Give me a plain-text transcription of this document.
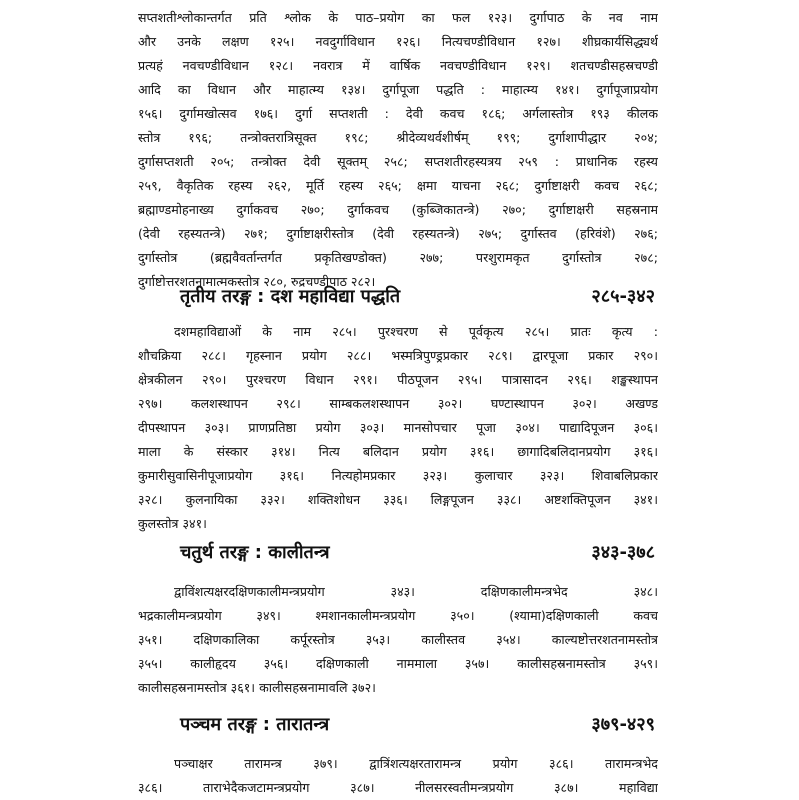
सप्तशतीश्लोकान्तर्गत प्रति श्लोक के पाठ–प्रयोग का फल १२३। दुर्गापाठ के नव नाम
और उनके लक्षण १२५। नवदुर्गाविधान १२६। नित्यचण्डीविधान १२७। शीघ्रकार्यसिद्ध्यर्थ
प्रत्यहं नवचण्डीविधान १२८। नवरात्र में वार्षिक नवचण्डीविधान १२९। शतचण्डीसहस्रचण्डी
आदि का विधान और माहात्म्य १३४। दुर्गापूजा पद्धति : माहात्म्य १४१। दुर्गापूजाप्रयोग
१५६। दुर्गामखोत्सव १७६। दुर्गा सप्तशती : देवी कवच १८६; अर्गलास्तोत्र १९३ कीलक
स्तोत्र १९६; तन्त्रोक्तरात्रिसूक्त १९८; श्रीदेव्यथर्वशीर्षम् १९९; दुर्गाशापीद्धार २०४;
दुर्गासप्तशती २०५; तन्त्रोक्त देवी सूक्तम् २५८; सप्तशतीरहस्यत्रय २५९ : प्राधानिक रहस्य
२५९, वैकृतिक रहस्य २६२, मूर्ति रहस्य २६५; क्षमा याचना २६८; दुर्गाष्टाक्षरी कवच २६८;
ब्रह्माण्डमोहनाख्य दुर्गाकवच २७०; दुर्गाकवच (कुब्जिकातन्त्रे) २७०; दुर्गाष्टाक्षरी सहस्रनाम
(देवी रहस्यतन्त्रे) २७१; दुर्गाष्टाक्षरीस्तोत्र (देवी रहस्यतन्त्रे) २७५; दुर्गास्तव (हरिवंशे) २७६;
दुर्गास्तोत्र (ब्रह्मवैवर्तान्तर्गत प्रकृतिखण्डोक्त) २७७; परशुरामकृत दुर्गास्तोत्र २७८;
दुर्गाष्टोत्तरशतनामात्मकस्तोत्र २८०, रुद्रचण्डीपाठ २८२।
तृतीय तरङ्ग : दश महाविद्या पद्धति	२८५-३४२
दशमहाविद्याओं के नाम २८५। पुरश्चरण से पूर्वकृत्य २८५। प्रातः कृत्य :
शौचक्रिया २८८। गृहस्नान प्रयोग २८८। भस्मत्रिपुण्ड्रप्रकार २८९। द्वारपूजा प्रकार २९०।
क्षेत्रकीलन २९०। पुरश्चरण विधान २९१। पीठपूजन २९५। पात्रासादन २९६। शङ्खस्थापन
२९७। कलशस्थापन २९८। साम्बकलशस्थापन ३०२। घण्टास्थापन ३०२। अखण्ड
दीपस्थापन ३०३। प्राणप्रतिष्ठा प्रयोग ३०३। मानसोपचार पूजा ३०४। पाद्यादिपूजन ३०६।
माला के संस्कार ३१४। नित्य बलिदान प्रयोग ३१६। छागादिबलिदानप्रयोग ३१६।
कुमारीसुवासिनीपूजाप्रयोग ३१६। नित्यहोमप्रकार ३२३। कुलाचार ३२३। शिवाबलिप्रकार
३२८। कुलनायिका ३३२। शक्तिशोधन ३३६। लिङ्गपूजन ३३८। अष्टशक्तिपूजन ३४१।
कुलस्तोत्र ३४१।
चतुर्थ तरङ्ग : कालीतन्त्र	३४३-३७८
द्वाविंशत्यक्षरदक्षिणकालीमन्त्रप्रयोग ३४३। दक्षिणकालीमन्त्रभेद ३४८।
भद्रकालीमन्त्रप्रयोग ३४९। श्मशानकालीमन्त्रप्रयोग ३५०। (श्यामा)दक्षिणकाली कवच
३५१। दक्षिणकालिका कर्पूरस्तोत्र ३५३। कालीस्तव ३५४। काल्यष्टोत्तरशतनामस्तोत्र
३५५। कालीहृदय ३५६। दक्षिणकाली नाममाला ३५७। कालीसहस्रनामस्तोत्र ३५९।
कालीसहस्रनामस्तोत्र ३६१। कालीसहस्रनामावलि ३७२।
पञ्चम तरङ्ग : तारातन्त्र	३७९-४२९
पञ्चाक्षर तारामन्त्र ३७९। द्वात्रिंशत्यक्षरतारामन्त्र प्रयोग ३८६। तारामन्त्रभेद
३८६। ताराभेदैकजटामन्त्रप्रयोग ३८७। नीलसरस्वतीमन्त्रप्रयोग ३८७। महाविद्या
